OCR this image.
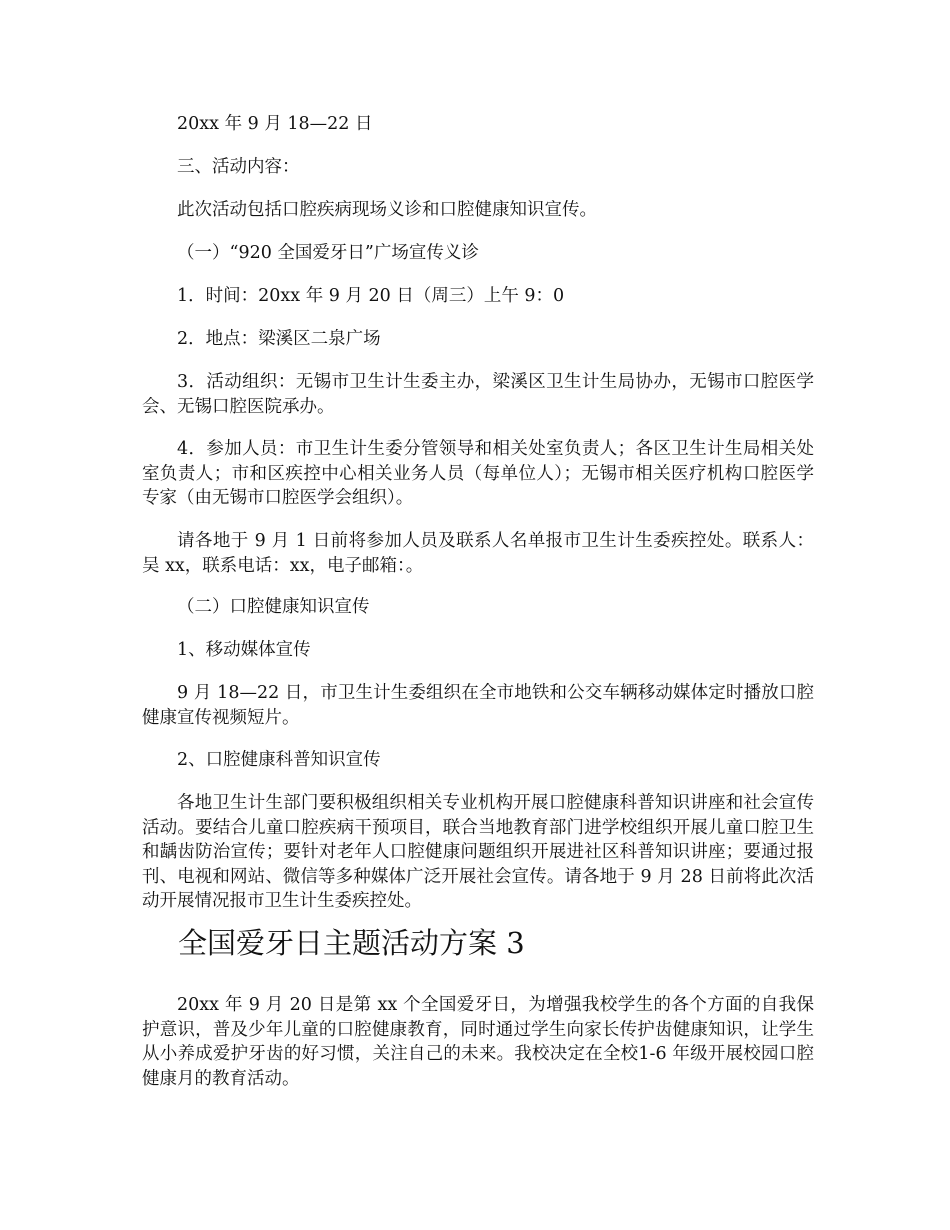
20xx 年 9 月 18—22 日

三、活动内容：

此次活动包括口腔疾病现场义诊和口腔健康知识宣传。

（一）“920 全国爱牙日”广场宣传义诊

1．时间：20xx 年 9 月 20 日（周三）上午 9：0

2．地点：梁溪区二泉广场

3．活动组织：无锡市卫生计生委主办，梁溪区卫生计生局协办，无锡市口腔医学会、无锡口腔医院承办。

4．参加人员：市卫生计生委分管领导和相关处室负责人；各区卫生计生局相关处室负责人；市和区疾控中心相关业务人员（每单位人）；无锡市相关医疗机构口腔医学专家（由无锡市口腔医学会组织）。

请各地于 9 月 1 日前将参加人员及联系人名单报市卫生计生委疾控处。联系人：吴 xx，联系电话：xx，电子邮箱：。

（二）口腔健康知识宣传

1、移动媒体宣传

9 月 18—22 日，市卫生计生委组织在全市地铁和公交车辆移动媒体定时播放口腔健康宣传视频短片。

2、口腔健康科普知识宣传

各地卫生计生部门要积极组织相关专业机构开展口腔健康科普知识讲座和社会宣传活动。要结合儿童口腔疾病干预项目，联合当地教育部门进学校组织开展儿童口腔卫生和龋齿防治宣传；要针对老年人口腔健康问题组织开展进社区科普知识讲座；要通过报刊、电视和网站、微信等多种媒体广泛开展社会宣传。请各地于 9 月 28 日前将此次活动开展情况报市卫生计生委疾控处。

全国爱牙日主题活动方案 3

20xx 年 9 月 20 日是第 xx 个全国爱牙日，为增强我校学生的各个方面的自我保护意识，普及少年儿童的口腔健康教育，同时通过学生向家长传护齿健康知识，让学生从小养成爱护牙齿的好习惯，关注自己的未来。我校决定在全校1-6 年级开展校园口腔健康月的教育活动。
